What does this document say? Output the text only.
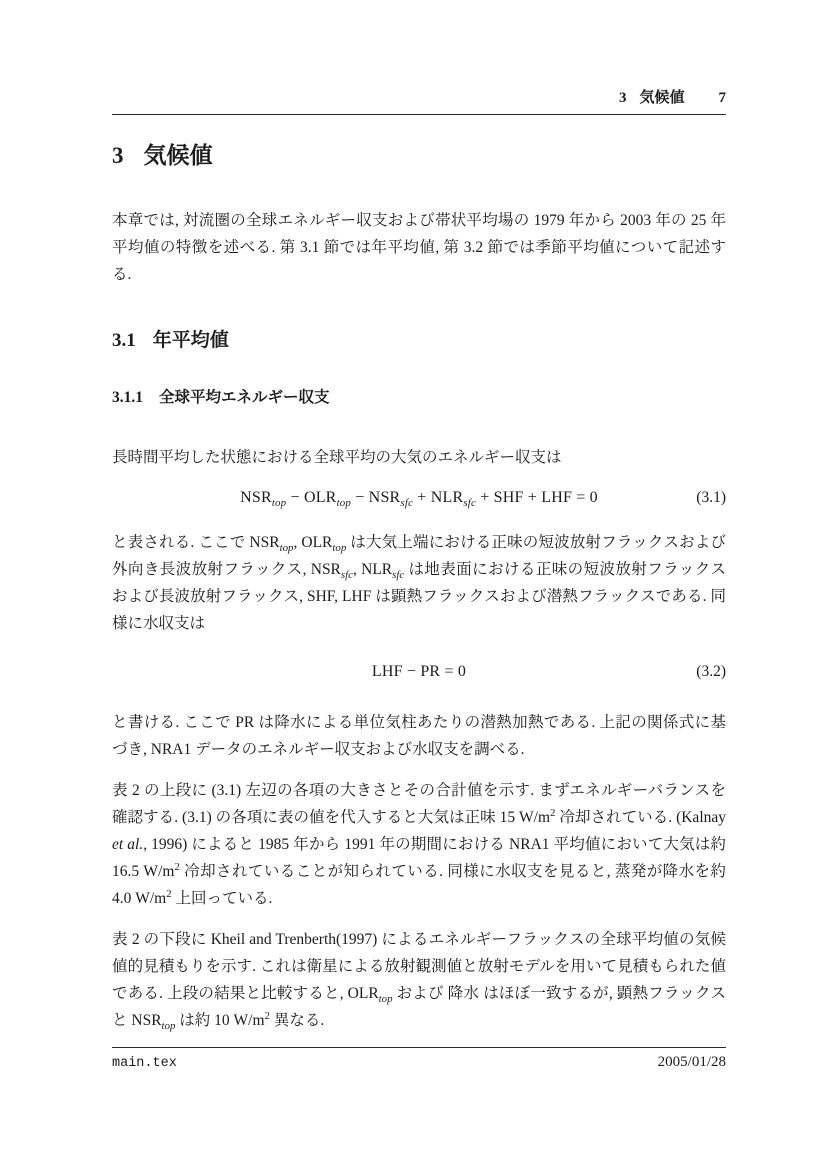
3 気候値 7
3 気候値

本章では, 対流圏の全球エネルギー収支および帯状平均場の 1979 年から 2003 年の 25 年平均値の特徴を述べる. 第 3.1 節では年平均値, 第 3.2 節では季節平均値について記述する.

3.1 年平均値
3.1.1 全球平均エネルギー収支

長時間平均した状態における全球平均の大気のエネルギー収支は

$NSR_{top} - OLR_{top} - NSR_{sfc} + NLR_{sfc}$ + SHF + LHF = 0	(3.1)

と表される. ここで $NSR_{top}$, $OLR_{top}$ は大気上端における正味の短波放射フラックスおよび外向き長波放射フラックス, $NSR_{sfc}$, $NLR_{sfc}$ は地表面における正味の短波放射フラックスおよび長波放射フラックス, SHF, LHF は顕熱フラックスおよび潜熱フラックスである. 同様に水収支は

LHF − PR = 0	(3.2)

と書ける. ここで PR は降水による単位気柱あたりの潜熱加熱である. 上記の関係式に基づき, NRA1 データのエネルギー収支および水収支を調べる.

表 2 の上段に (3.1) 左辺の各項の大きさとその合計値を示す. まずエネルギーバランスを確認する. (3.1) の各項に表の値を代入すると大気は正味 15 $W/m^2$ 冷却されている. (Kalnay et al., 1996) によると 1985 年から 1991 年の期間における NRA1 平均値において大気は約 16.5 $W/m^2$ 冷却されていることが知られている. 同様に水収支を見ると, 蒸発が降水を約 4.0 $W/m^2$ 上回っている.

表 2 の下段に Kheil and Trenberth(1997) によるエネルギーフラックスの全球平均値の気候値的見積もりを示す. これは衛星による放射観測値と放射モデルを用いて見積もられた値である. 上段の結果と比較すると, $OLR_{top}$ および 降水 はほぼ一致するが, 顕熱フラックスと $NSR_{top}$ は約 10 $W/m^2$ 異なる.

main.tex	2005/01/28
